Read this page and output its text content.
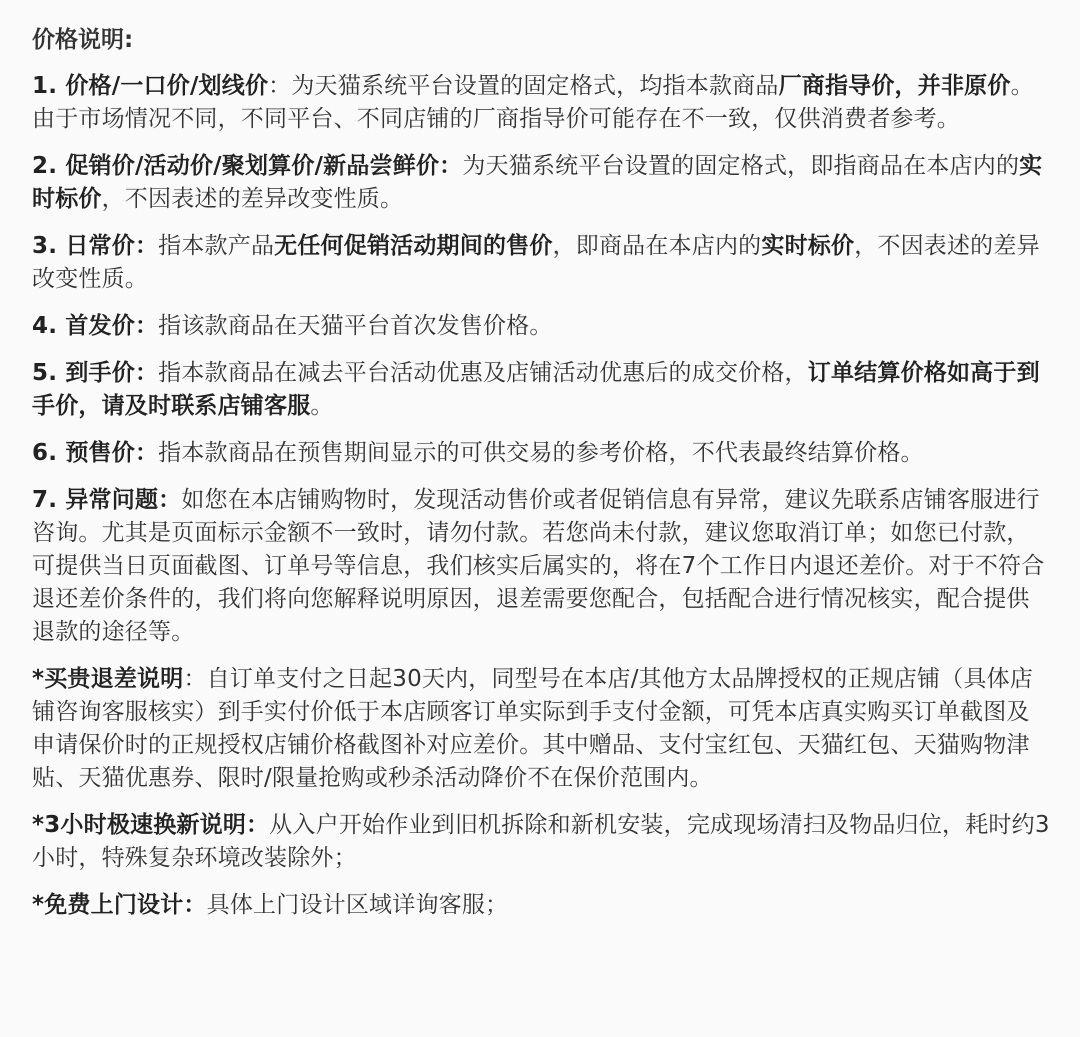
价格说明:
1. 价格/一口价/划线价：为天猫系统平台设置的固定格式，均指本款商品厂商指导价，并非原价。由于市场情况不同，不同平台、不同店铺的厂商指导价可能存在不一致，仅供消费者参考。
2. 促销价/活动价/聚划算价/新品尝鲜价：为天猫系统平台设置的固定格式，即指商品在本店内的实时标价，不因表述的差异改变性质。
3. 日常价：指本款产品无任何促销活动期间的售价，即商品在本店内的实时标价，不因表述的差异改变性质。
4. 首发价：指该款商品在天猫平台首次发售价格。
5. 到手价：指本款商品在减去平台活动优惠及店铺活动优惠后的成交价格，订单结算价格如高于到手价，请及时联系店铺客服。
6. 预售价：指本款商品在预售期间显示的可供交易的参考价格，不代表最终结算价格。
7. 异常问题：如您在本店铺购物时，发现活动售价或者促销信息有异常，建议先联系店铺客服进行咨询。尤其是页面标示金额不一致时，请勿付款。若您尚未付款，建议您取消订单；如您已付款，可提供当日页面截图、订单号等信息，我们核实后属实的，将在7个工作日内退还差价。对于不符合退还差价条件的，我们将向您解释说明原因，退差需要您配合，包括配合进行情况核实，配合提供退款的途径等。
*买贵退差说明：自订单支付之日起30天内，同型号在本店/其他方太品牌授权的正规店铺（具体店铺咨询客服核实）到手实付价低于本店顾客订单实际到手支付金额，可凭本店真实购买订单截图及申请保价时的正规授权店铺价格截图补对应差价。其中赠品、支付宝红包、天猫红包、天猫购物津贴、天猫优惠券、限时/限量抢购或秒杀活动降价不在保价范围内。
*3小时极速换新说明：从入户开始作业到旧机拆除和新机安装，完成现场清扫及物品归位，耗时约3小时，特殊复杂环境改装除外；
*免费上门设计：具体上门设计区域详询客服；
